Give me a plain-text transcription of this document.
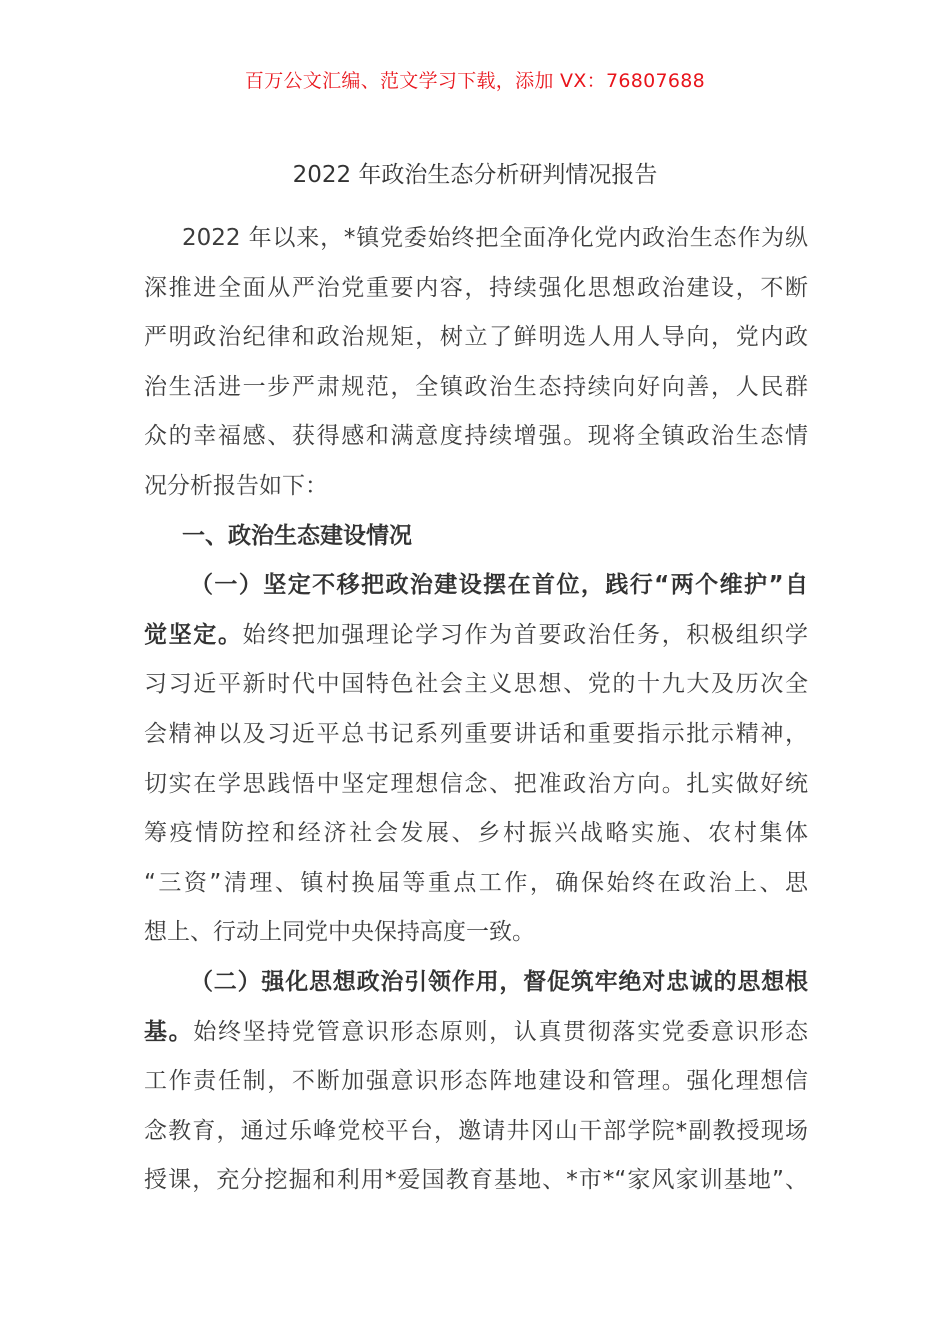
百万公文汇编、范文学习下载，添加 VX：76807688
2022 年政治生态分析研判情况报告
2022 年以来，*镇党委始终把全面净化党内政治生态作为纵
深推进全面从严治党重要内容，持续强化思想政治建设，不断
严明政治纪律和政治规矩，树立了鲜明选人用人导向，党内政
治生活进一步严肃规范，全镇政治生态持续向好向善，人民群
众的幸福感、获得感和满意度持续增强。现将全镇政治生态情
况分析报告如下：
一、政治生态建设情况
（一）坚定不移把政治建设摆在首位，践行“两个维护”自
觉坚定。始终把加强理论学习作为首要政治任务，积极组织学
习习近平新时代中国特色社会主义思想、党的十九大及历次全
会精神以及习近平总书记系列重要讲话和重要指示批示精神，
切实在学思践悟中坚定理想信念、把准政治方向。扎实做好统
筹疫情防控和经济社会发展、乡村振兴战略实施、农村集体
“三资”清理、镇村换届等重点工作，确保始终在政治上、思
想上、行动上同党中央保持高度一致。
（二）强化思想政治引领作用，督促筑牢绝对忠诚的思想根
基。始终坚持党管意识形态原则，认真贯彻落实党委意识形态
工作责任制，不断加强意识形态阵地建设和管理。强化理想信
念教育，通过乐峰党校平台，邀请井冈山干部学院*副教授现场
授课，充分挖掘和利用*爱国教育基地、*市*“家风家训基地”、
